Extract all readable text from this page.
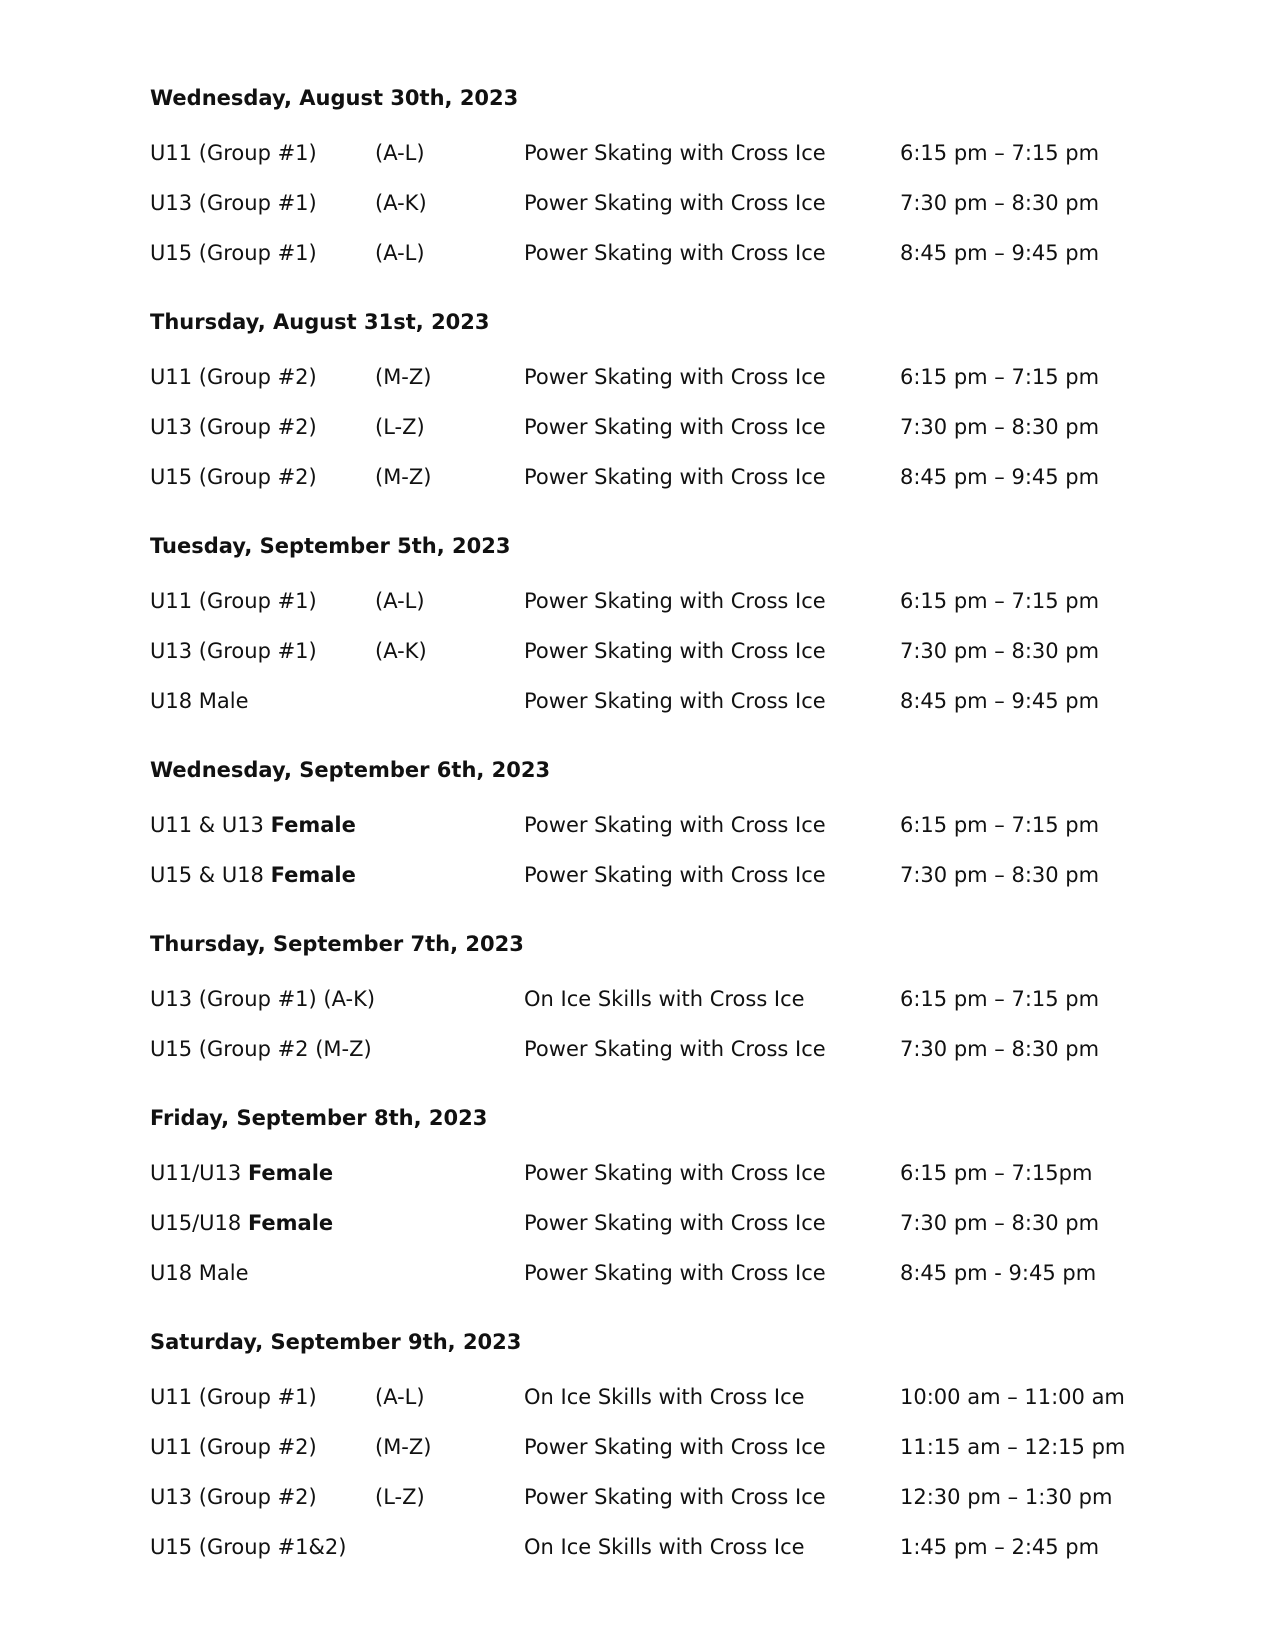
Wednesday, August 30th, 2023
U11 (Group #1)	(A-L)	Power Skating with Cross Ice	6:15 pm – 7:15 pm
U13 (Group #1)	(A-K)	Power Skating with Cross Ice	7:30 pm – 8:30 pm
U15 (Group #1)	(A-L)	Power Skating with Cross Ice	8:45 pm – 9:45 pm
Thursday, August 31st, 2023
U11 (Group #2)	(M-Z)	Power Skating with Cross Ice	6:15 pm – 7:15 pm
U13 (Group #2)	(L-Z)	Power Skating with Cross Ice	7:30 pm – 8:30 pm
U15 (Group #2)	(M-Z)	Power Skating with Cross Ice	8:45 pm – 9:45 pm
Tuesday, September 5th, 2023
U11 (Group #1)	(A-L)	Power Skating with Cross Ice	6:15 pm – 7:15 pm
U13 (Group #1)	(A-K)	Power Skating with Cross Ice	7:30 pm – 8:30 pm
U18 Male	Power Skating with Cross Ice	8:45 pm – 9:45 pm
Wednesday, September 6th, 2023
U11 & U13 Female	Power Skating with Cross Ice	6:15 pm – 7:15 pm
U15 & U18 Female	Power Skating with Cross Ice	7:30 pm – 8:30 pm
Thursday, September 7th, 2023
U13 (Group #1) (A-K)	On Ice Skills with Cross Ice	6:15 pm – 7:15 pm
U15 (Group #2 (M-Z)	Power Skating with Cross Ice	7:30 pm – 8:30 pm
Friday, September 8th, 2023
U11/U13 Female	Power Skating with Cross Ice	6:15 pm – 7:15pm
U15/U18 Female	Power Skating with Cross Ice	7:30 pm – 8:30 pm
U18 Male	Power Skating with Cross Ice	8:45 pm - 9:45 pm
Saturday, September 9th, 2023
U11 (Group #1)	(A-L)	On Ice Skills with Cross Ice	10:00 am – 11:00 am
U11 (Group #2)	(M-Z)	Power Skating with Cross Ice	11:15 am – 12:15 pm
U13 (Group #2)	(L-Z)	Power Skating with Cross Ice	12:30 pm – 1:30 pm
U15 (Group #1&2)	On Ice Skills with Cross Ice	1:45 pm – 2:45 pm
